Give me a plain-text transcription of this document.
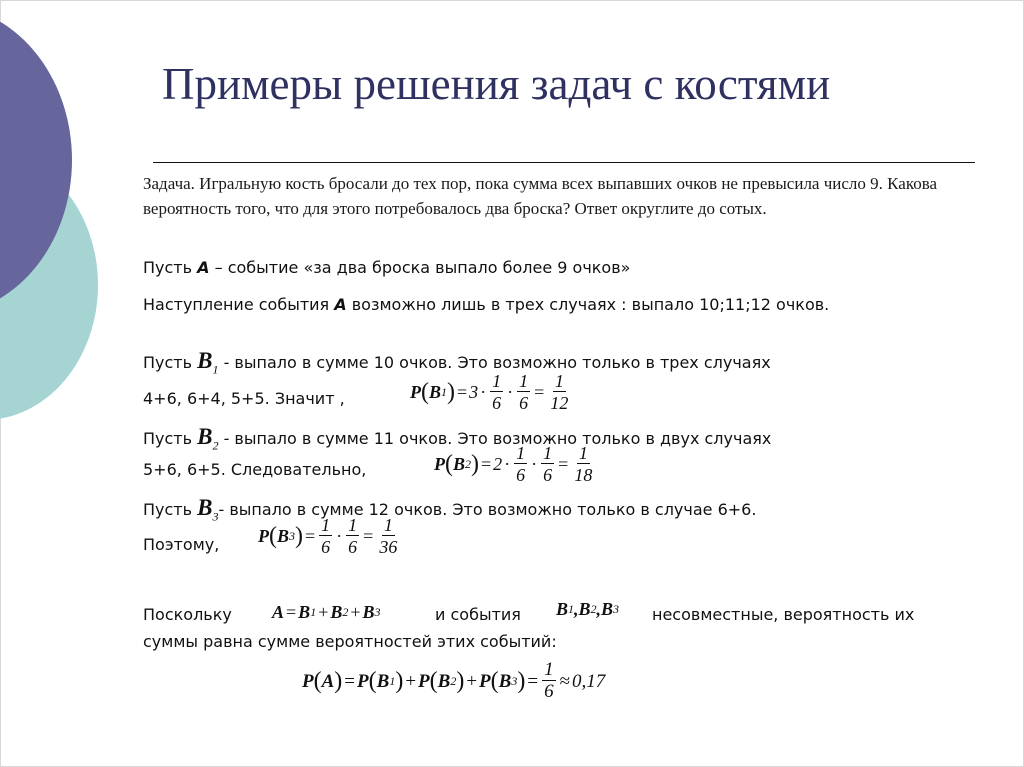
Примеры решения задач с костями
Задача. Игральную кость бросали до тех пор, пока сумма всех выпавших очков не превысила число 9. Какова вероятность того, что для этого потребовалось два броска? Ответ округлите до сотых.
Пусть А – событие «за два броска выпало более 9 очков»
Наступление события А возможно лишь в трех случаях : выпало 10;11;12 очков.
Пусть $B_1$ - выпало в сумме 10 очков. Это возможно только в трех случаях
4+6, 6+4, 5+5. Значит ,	P ( B 1 ) = $3 \cdot \frac{1}{6} \cdot \frac{1}{6} = \frac{1}{12}$
Пусть $B_2$ - выпало в сумме 11 очков. Это возможно только в двух случаях
5+6, 6+5. Следовательно,	P ( B 2 ) = $2 \cdot \frac{1}{6} \cdot \frac{1}{6} = \frac{1}{18}$
Пусть $B_3-$ выпало в сумме 12 очков. Это возможно только в случае 6+6.
Поэтому, P ( B 3 ) = $\frac{1}{6} \cdot \frac{1}{6} = \frac{1}{36}$
Поскольку A = B 1 + B 2 + B 3	и события B 1 , B 2 , B 3 несовместные, вероятность их
суммы равна сумме вероятностей этих событий:
P ( A ) = P ( B 1 ) + P ( B 2 ) + P ( B 3 ) = $\frac{1}{6} \approx 0,17$
